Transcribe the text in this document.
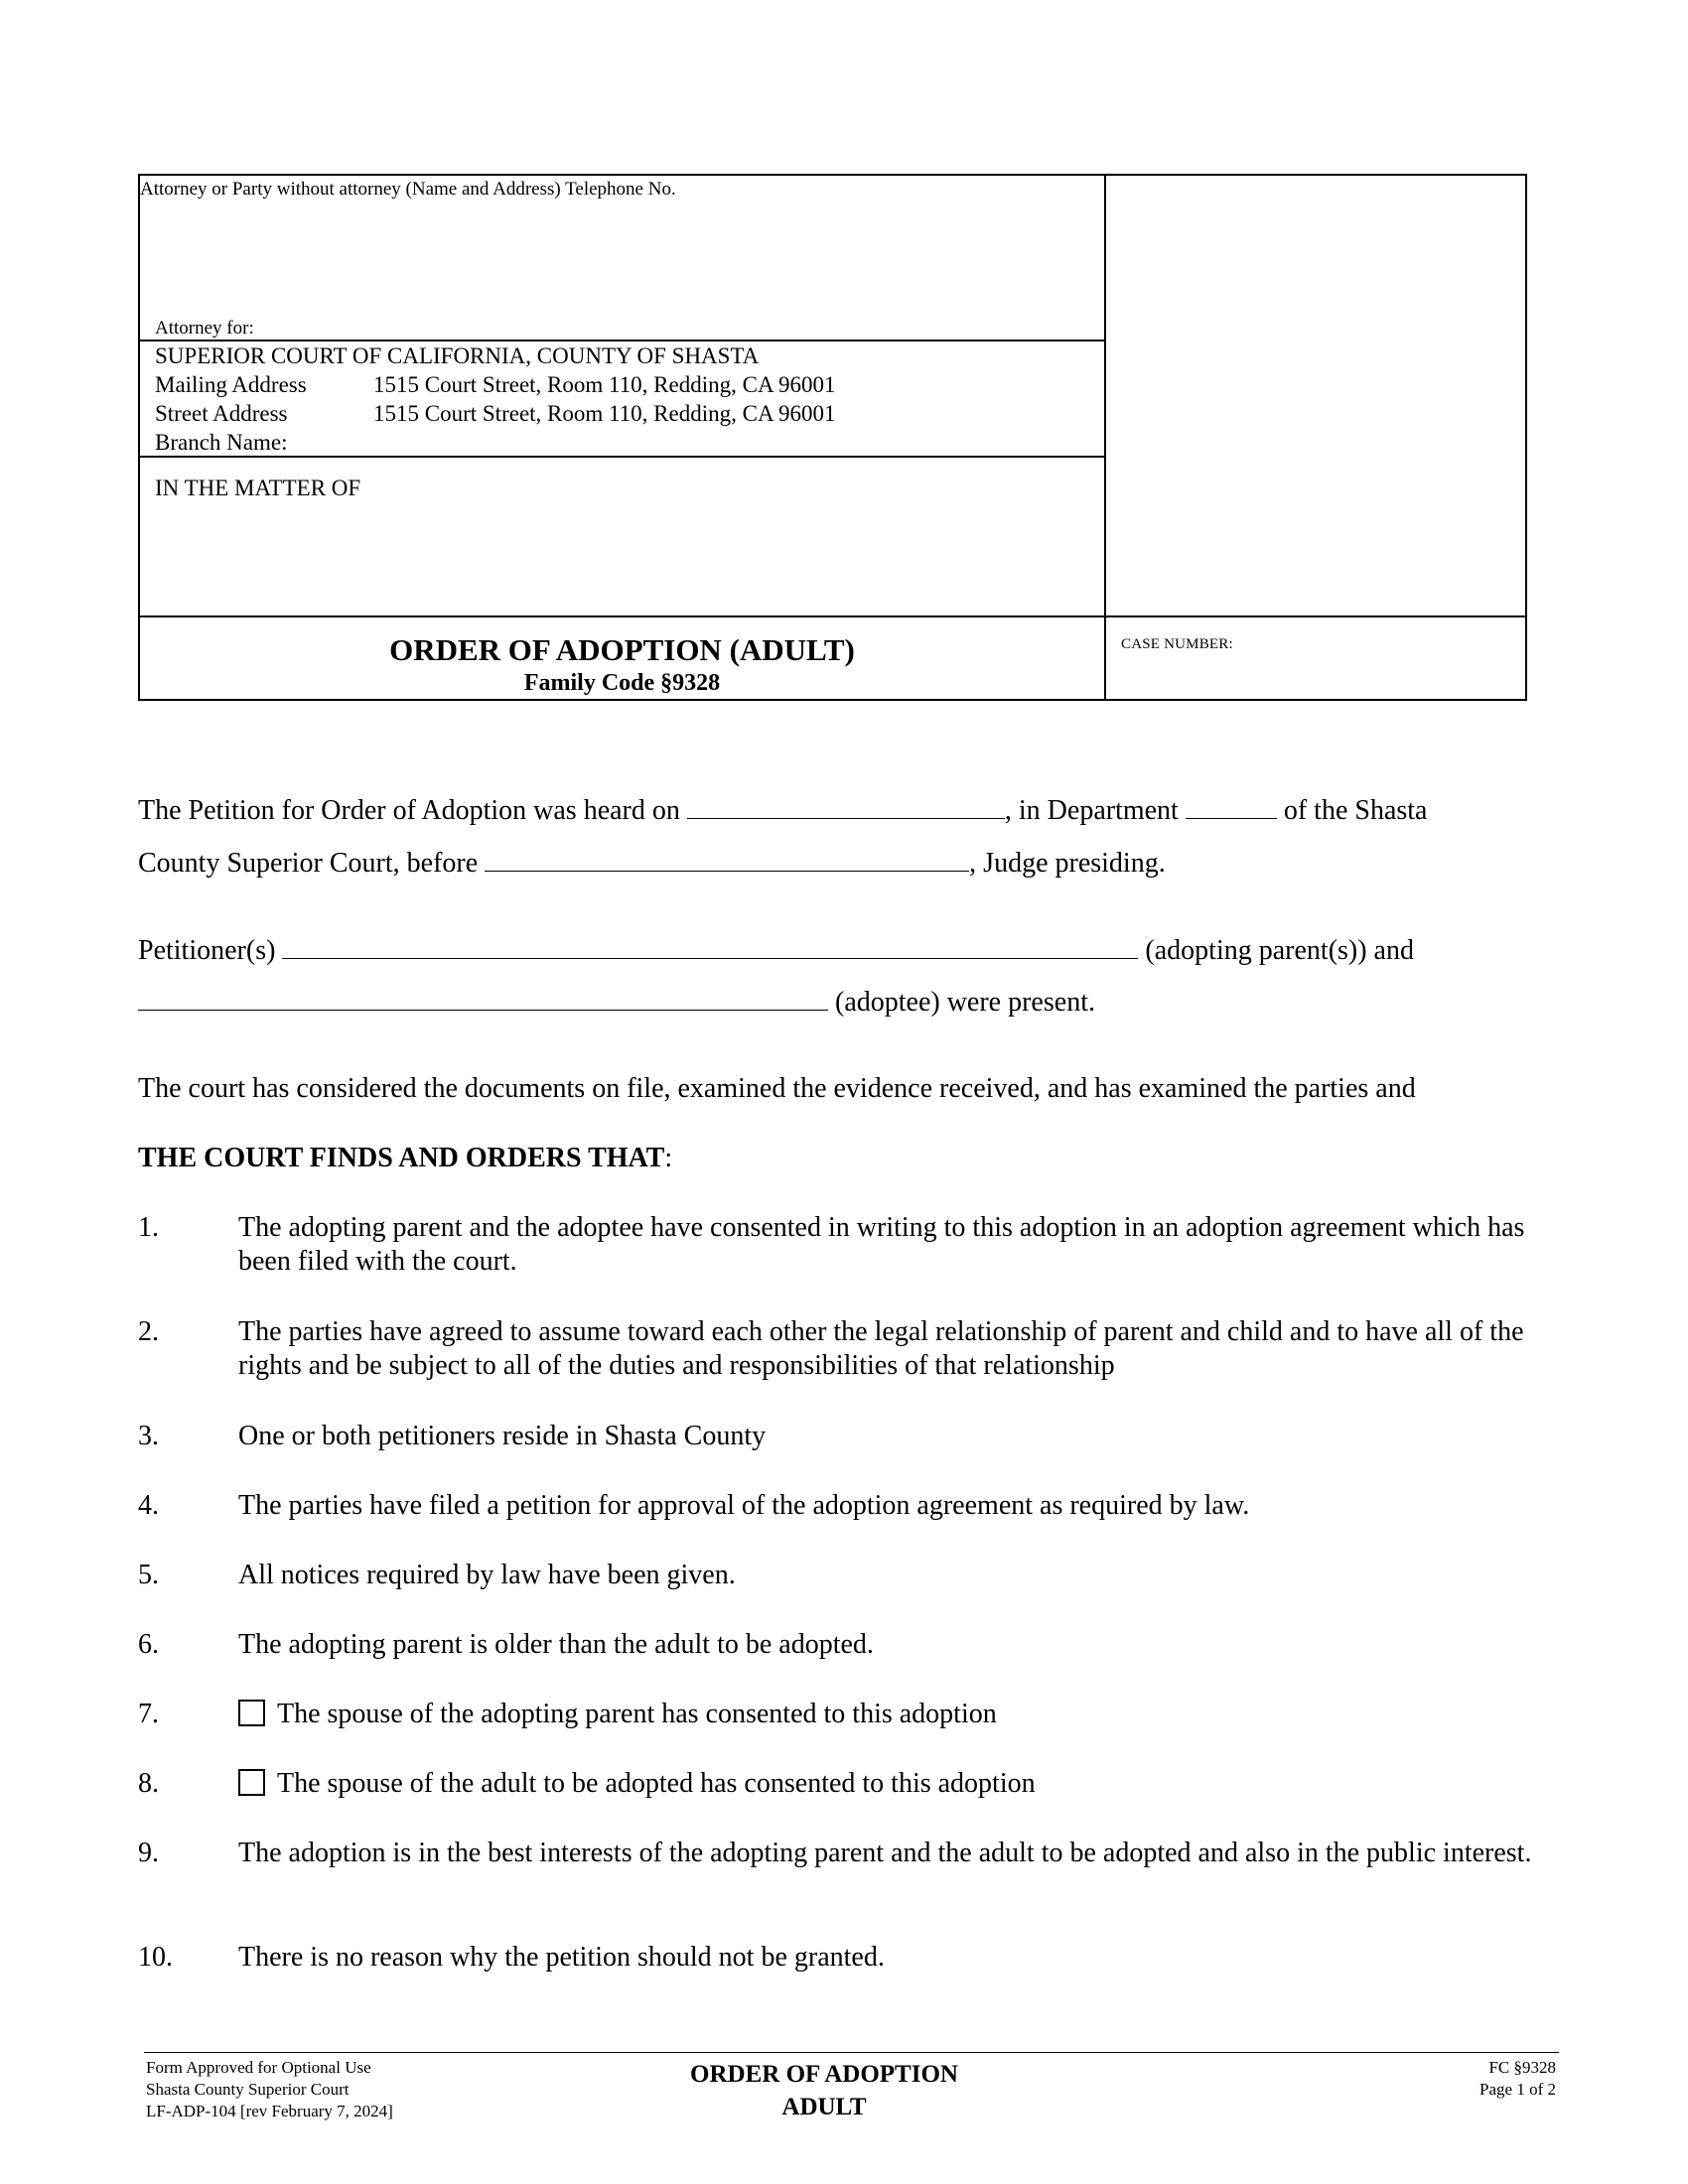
Attorney or Party without attorney (Name and Address) Telephone No.
Attorney for:
SUPERIOR COURT OF CALIFORNIA, COUNTY OF SHASTA
Mailing Address	1515 Court Street, Room 110, Redding, CA 96001
Street Address	1515 Court Street, Room 110, Redding, CA 96001
Branch Name:
IN THE MATTER OF
ORDER OF ADOPTION (ADULT)
Family Code §9328
CASE NUMBER:
The Petition for Order of Adoption was heard on	, in Department	of the Shasta
County Superior Court, before	, Judge presiding.
Petitioner(s)	(adopting parent(s)) and
(adoptee) were present.
The court has considered the documents on file, examined the evidence received, and has examined the parties and
THE COURT FINDS AND ORDERS THAT:
1.	The adopting parent and the adoptee have consented in writing to this adoption in an adoption agreement which has been filed with the court.
2.	The parties have agreed to assume toward each other the legal relationship of parent and child and to have all of the rights and be subject to all of the duties and responsibilities of that relationship
3.	One or both petitioners reside in Shasta County
4.	The parties have filed a petition for approval of the adoption agreement as required by law.
5.	All notices required by law have been given.
6.	The adopting parent is older than the adult to be adopted.
7.	The spouse of the adopting parent has consented to this adoption
8.	The spouse of the adult to be adopted has consented to this adoption
9.	The adoption is in the best interests of the adopting parent and the adult to be adopted and also in the public interest.
10. There is no reason why the petition should not be granted.
Form Approved for Optional Use
Shasta County Superior Court
LF-ADP-104 [rev February 7, 2024]
ORDER OF ADOPTION
ADULT
FC §9328
Page 1 of 2
